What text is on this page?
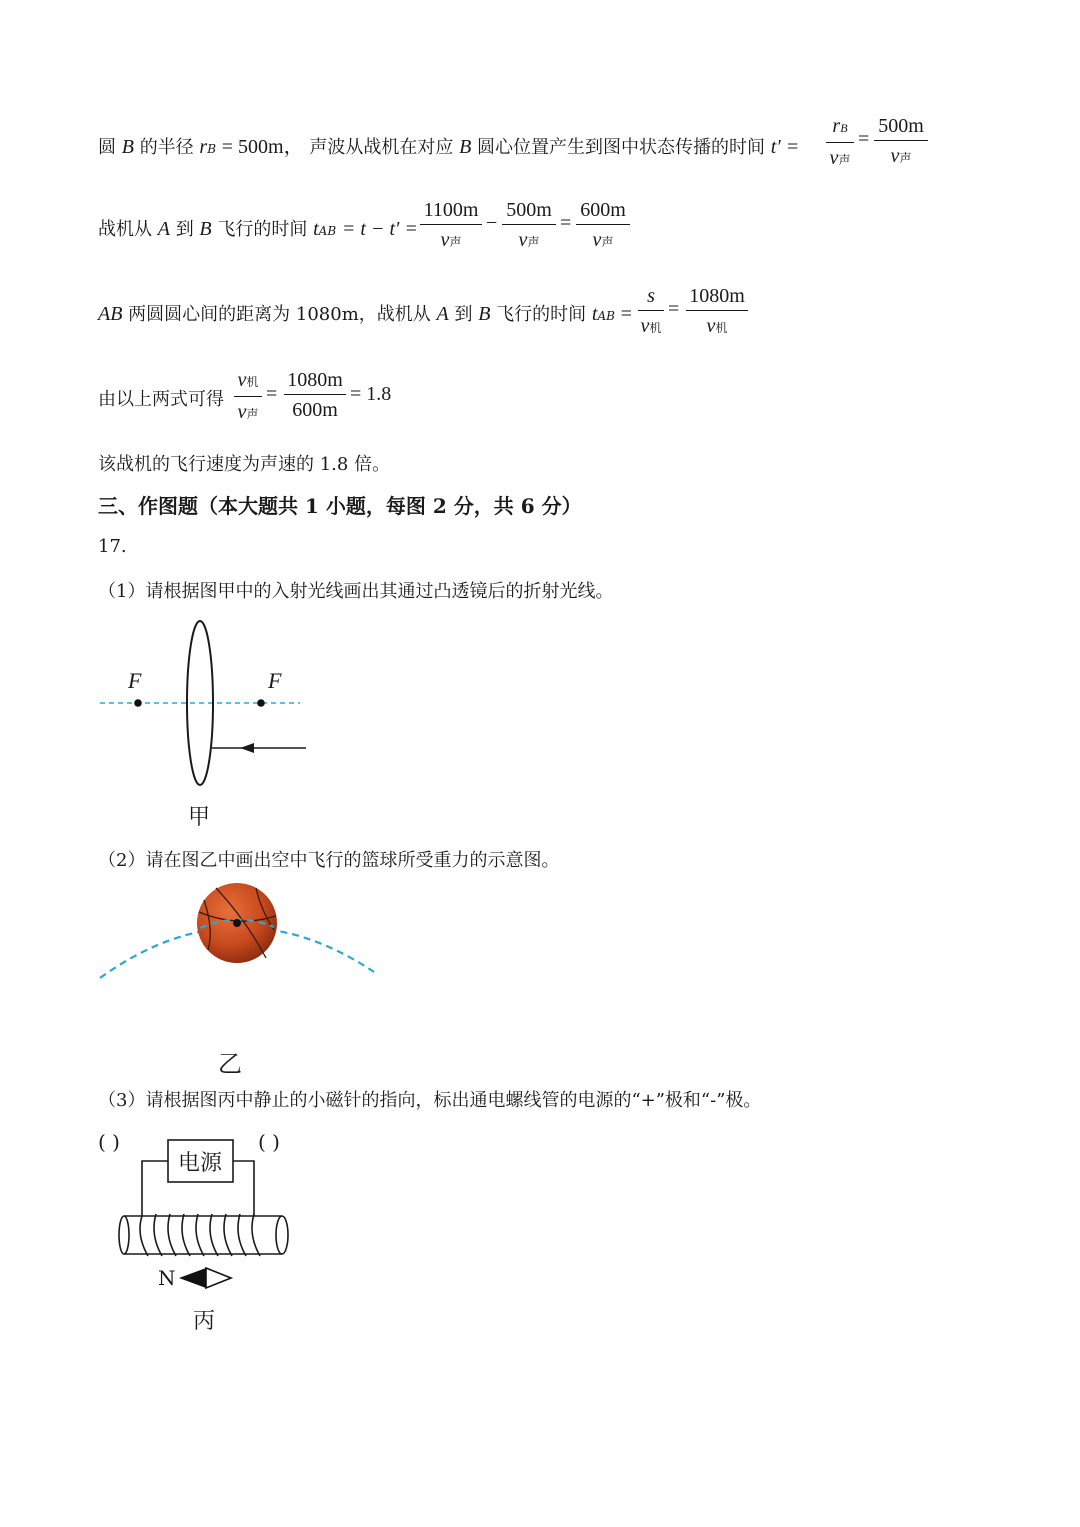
圆 B 的半径 rB = 500m， 声波从战机在对应 B 圆心位置产生到图中状态传播的时间 t′ =
rB
v声
=
500m
v声
战机从 A 到 B 飞行的时间 tAB = t − t′ =
1100m
v声
−
500m
v声
=
600m
v声
AB 两圆圆心间的距离为 1080m，战机从 A 到 B 飞行的时间 tAB =
s
v机
=
1080m
v机
由以上两式可得
v机
v声
=
1080m
600m
= 1.8
该战机的飞行速度为声速的 1.8 倍。
三、作图题（本大题共 1 小题，每图 2 分，共 6 分）
17.
（1）请根据图甲中的入射光线画出其通过凸透镜后的折射光线。
F	F
甲
（2）请在图乙中画出空中飞行的篮球所受重力的示意图。
乙
（3）请根据图丙中静止的小磁针的指向，标出通电螺线管的电源的“+”极和“-”极。
( )	( )
电源
N
丙
